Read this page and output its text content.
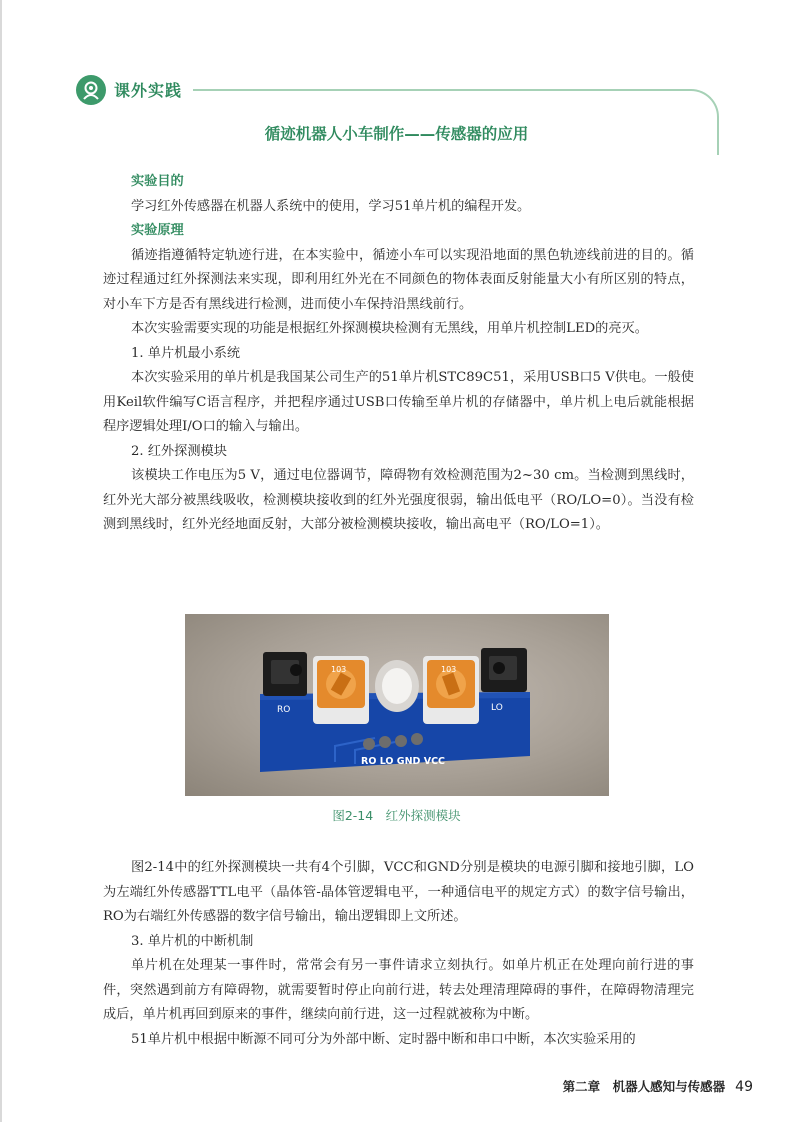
课外实践
循迹机器人小车制作——传感器的应用

实验目的

学习红外传感器在机器人系统中的使用，学习51单片机的编程开发。

实验原理

循迹指遵循特定轨迹行进，在本实验中，循迹小车可以实现沿地面的黑色轨迹线前进的目的。循迹过程通过红外探测法来实现，即利用红外光在不同颜色的物体表面反射能量大小有所区别的特点，对小车下方是否有黑线进行检测，进而使小车保持沿黑线前行。

本次实验需要实现的功能是根据红外探测模块检测有无黑线，用单片机控制LED的亮灭。

1. 单片机最小系统

本次实验采用的单片机是我国某公司生产的51单片机STC89C51，采用USB口5 V供电。一般使用Keil软件编写C语言程序，并把程序通过USB口传输至单片机的存储器中，单片机上电后就能根据程序逻辑处理I/O口的输入与输出。

2. 红外探测模块

该模块工作电压为5 V，通过电位器调节，障碍物有效检测范围为2~30 cm。当检测到黑线时，红外光大部分被黑线吸收，检测模块接收到的红外光强度很弱，输出低电平（RO/LO=0）。当没有检测到黑线时，红外光经地面反射，大部分被检测模块接收，输出高电平（RO/LO=1）。

103	103
RO	LO
RO LO GND VCC
图2-14　红外探测模块

图2-14中的红外探测模块一共有4个引脚，VCC和GND分别是模块的电源引脚和接地引脚，LO为左端红外传感器TTL电平（晶体管-晶体管逻辑电平，一种通信电平的规定方式）的数字信号输出，RO为右端红外传感器的数字信号输出，输出逻辑即上文所述。

3. 单片机的中断机制

单片机在处理某一事件时，常常会有另一事件请求立刻执行。如单片机正在处理向前行进的事件，突然遇到前方有障碍物，就需要暂时停止向前行进，转去处理清理障碍的事件，在障碍物清理完成后，单片机再回到原来的事件，继续向前行进，这一过程就被称为中断。

51单片机中根据中断源不同可分为外部中断、定时器中断和串口中断，本次实验采用的

第二章　机器人感知与传感器 49
